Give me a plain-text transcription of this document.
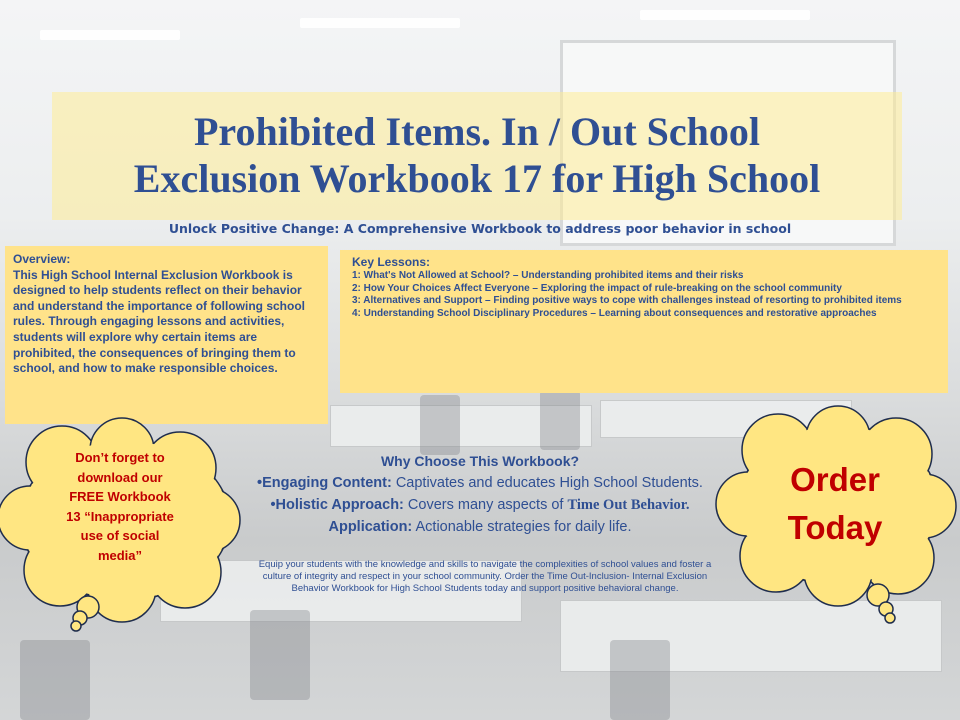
Prohibited Items. In / Out School
Exclusion Workbook 17 for High School
Unlock Positive Change: A Comprehensive Workbook to address poor behavior in school
Overview:
This High School Internal Exclusion Workbook is designed to help students reflect on their behavior and understand the importance of following school rules. Through engaging lessons and activities, students will explore why certain items are prohibited, the consequences of bringing them to school, and how to make responsible choices.
Key Lessons:
1: What's Not Allowed at School? – Understanding prohibited items and their risks
2: How Your Choices Affect Everyone – Exploring the impact of rule-breaking on the school community
3: Alternatives and Support – Finding positive ways to cope with challenges instead of resorting to prohibited items
4: Understanding School Disciplinary Procedures – Learning about consequences and restorative approaches
Why Choose This Workbook?
•Engaging Content: Captivates and educates High School Students.
•Holistic Approach: Covers many aspects of Time Out Behavior.
Application: Actionable strategies for daily life.
Equip your students with the knowledge and skills to navigate the complexities of school values and foster a culture of integrity and respect in your school community. Order the Time Out-Inclusion- Internal Exclusion Behavior Workbook for High School Students today and support positive behavioral change.
Don’t forget to
download our
FREE Workbook
13 “Inappropriate
use of social
media”
Order
Today
